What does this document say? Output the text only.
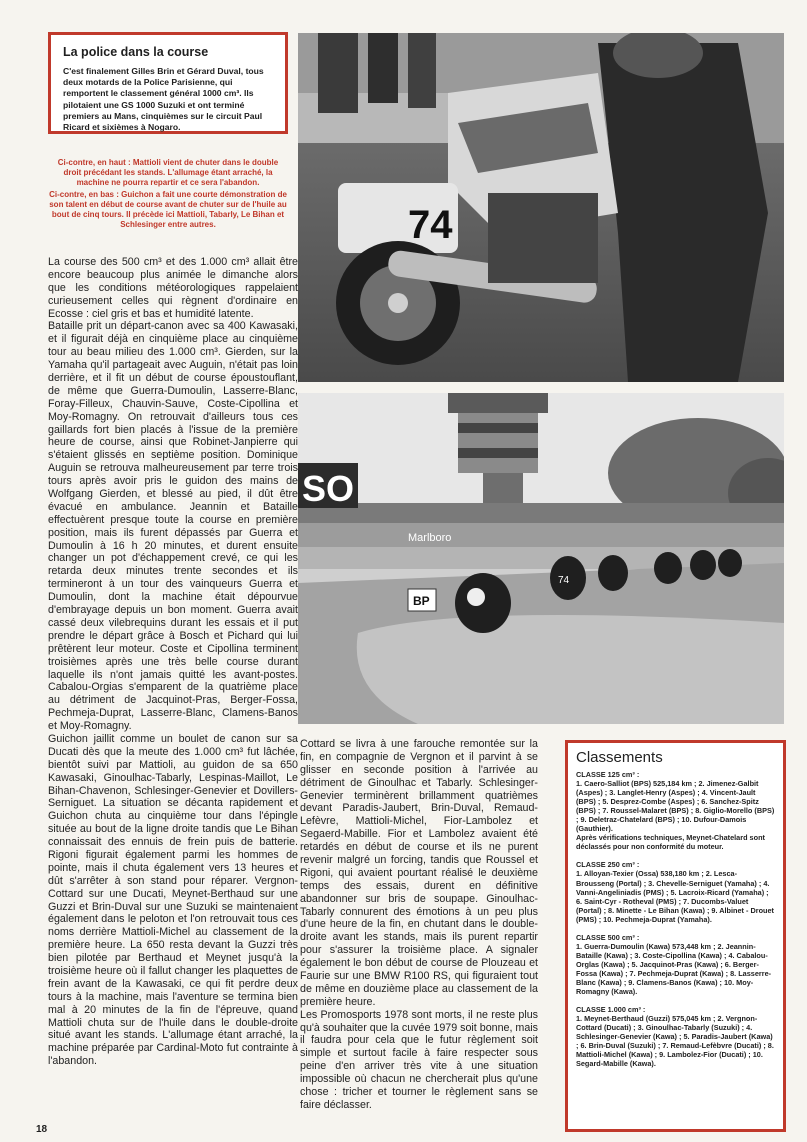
La police dans la course
C'est finalement Gilles Brin et Gérard Duval, tous deux motards de la Police Parisienne, qui remportent le classement général 1000 cm³. Ils pilotaient une GS 1000 Suzuki et ont terminé premiers au Mans, cinquièmes sur le circuit Paul Ricard et sixièmes à Nogaro.

Ci-contre, en haut : Mattioli vient de chuter dans le double droit précédant les stands. L'allumage étant arraché, la machine ne pourra repartir et ce sera l'abandon.

Ci-contre, en bas : Guichon a fait une courte démonstration de son talent en début de course avant de chuter sur de l'huile au bout de cinq tours. Il précède ici Mattioli, Tabarly, Le Bihan et Schlesinger entre autres.

La course des 500 cm³ et des 1.000 cm³ allait être encore beaucoup plus animée le dimanche alors que les conditions météorologiques rappelaient curieusement celles qui règnent d'ordinaire en Ecosse : ciel gris et bas et humidité latente.

Bataille prit un départ-canon avec sa 400 Kawasaki, et il figurait déjà en cinquième place au cinquième tour au beau milieu des 1.000 cm³. Gierden, sur la Yamaha qu'il partageait avec Auguin, n'était pas loin derrière, et il fit un début de course époustouflant, de même que Guerra-Dumoulin, Lasserre-Blanc, Foray-Filleux, Chauvin-Sauve, Coste-Cipollina et Moy-Romagny. On retrouvait d'ailleurs tous ces gaillards fort bien placés à l'issue de la première heure de course, ainsi que Robinet-Janpierre qui s'étaient glissés en septième position. Dominique Auguin se retrouva malheureusement par terre trois tours après avoir pris le guidon des mains de Wolfgang Gierden, et blessé au pied, il dût être évacué en ambulance. Jeannin et Bataille effectuèrent presque toute la course en première position, mais ils furent dépassés par Guerra et Dumoulin à 16 h 20 minutes, et durent ensuite changer un pot d'échappement crevé, ce qui les retarda deux minutes trente secondes et ils termineront à un tour des vainqueurs Guerra et Dumoulin, dont la machine était dépourvue d'embrayage depuis un bon moment. Guerra avait cassé deux vilebrequins durant les essais et il put prendre le départ grâce à Bosch et Pichard qui lui prêtèrent leur moteur. Coste et Cipollina terminent troisièmes après une très belle course durant laquelle ils n'ont jamais quitté les avant-postes. Cabalou-Orgias s'emparent de la quatrième place au détriment de Jacquinot-Pras, Berger-Fossa, Pechmeja-Duprat, Lasserre-Blanc, Clamens-Banos et Moy-Romagny.

Guichon jaillit comme un boulet de canon sur sa Ducati dès que la meute des 1.000 cm³ fut lâchée, bientôt suivi par Mattioli, au guidon de sa 650 Kawasaki, Ginoulhac-Tabarly, Lespinas-Maillot, Le Bihan-Chavenon, Schlesinger-Genevier et Dovillers-Serniguet. La situation se décanta rapidement et Guichon chuta au cinquième tour dans l'épingle située au bout de la ligne droite tandis que Le Bihan connaissait des ennuis de frein puis de batterie. Rigoni figurait également parmi les hommes de pointe, mais il chuta également vers 13 heures et dût s'arrêter à son stand pour réparer. Vergnon-Cottard sur une Ducati, Meynet-Berthaud sur une Guzzi et Brin-Duval sur une Suzuki se maintenaient également dans le peloton et l'on retrouvait tous ces noms derrière Mattioli-Michel au classement de la première heure. La 650 resta devant la Guzzi très bien pilotée par Berthaud et Meynet jusqu'à la troisième heure où il fallut changer les plaquettes de frein avant de la Kawasaki, ce qui fit perdre deux tours à la machine, mais l'aventure se termina bien mal à 20 minutes de la fin de l'épreuve, quand Mattioli chuta sur de l'huile dans le double-droite situé avant les stands. L'allumage étant arraché, la machine préparée par Cardinal-Moto fut contrainte à l'abandon.

Cottard se livra à une farouche remontée sur la fin, en compagnie de Vergnon et il parvint à se glisser en seconde position à l'arrivée au détriment de Ginoulhac et Tabarly. Schlesinger-Genevier terminèrent brillamment quatrièmes devant Paradis-Jaubert, Brin-Duval, Remaud-Lefèvre, Mattioli-Michel, Fior-Lambolez et Segaerd-Mabille. Fior et Lambolez avaient été retardés en début de course et ils ne purent revenir malgré un forcing, tandis que Roussel et Rigoni, qui avaient pourtant réalisé le deuxième temps des essais, durent en définitive abandonner sur bris de soupape. Ginoulhac-Tabarly connurent des émotions à un peu plus d'une heure de la fin, en chutant dans le double-droite avant les stands, mais ils purent repartir pour s'assurer la troisième place. A signaler également le bon début de course de Plouzeau et Faurie sur une BMW R100 RS, qui figuraient tout de même en douzième place au classement de la première heure.

Les Promosports 1978 sont morts, il ne reste plus qu'à souhaiter que la cuvée 1979 soit bonne, mais il faudra pour cela que le futur règlement soit simple et surtout facile à faire respecter sous peine d'en arriver très vite à une situation impossible où chacun ne chercherait plus qu'une chose : tricher et tourner le règlement sans se faire déclasser.

18
74
SO
Marlboro
BP
74
Classements
CLASSE 125 cm³ :
1. Caero-Salliot (BPS) 525,184 km ; 2. Jimenez-Galbit (Aspes) ; 3. Langlet-Henry (Aspes) ; 4. Vincent-Jault (BPS) ; 5. Desprez-Combe (Aspes) ; 6. Sanchez-Spitz (BPS) ; 7. Roussel-Malaret (BPS) ; 8. Giglio-Morello (BPS) ; 9. Deletraz-Chatelard (BPS) ; 10. Dufour-Damois (Gauthier).
Après vérifications techniques, Meynet-Chatelard sont déclassés pour non conformité du moteur.
CLASSE 250 cm³ :
1. Alloyan-Texier (Ossa) 538,180 km ; 2. Lesca-Brousseng (Portal) ; 3. Chevelle-Serniguet (Yamaha) ; 4. Vanni-Angeliniadis (PMS) ; 5. Lacroix-Ricard (Yamaha) ; 6. Saint-Cyr - Rotheval (PMS) ; 7. Ducombs-Valuet (Portal) ; 8. Minette - Le Bihan (Kawa) ; 9. Albinet - Drouet (PMS) ; 10. Pechmeja-Duprat (Yamaha).
CLASSE 500 cm³ :
1. Guerra-Dumoulin (Kawa) 573,448 km ; 2. Jeannin-Bataille (Kawa) ; 3. Coste-Cipollina (Kawa) ; 4. Cabalou-Orglas (Kawa) ; 5. Jacquinot-Pras (Kawa) ; 6. Berger-Fossa (Kawa) ; 7. Pechmeja-Duprat (Kawa) ; 8. Lasserre-Blanc (Kawa) ; 9. Clamens-Banos (Kawa) ; 10. Moy-Romagny (Kawa).
CLASSE 1.000 cm³ :
1. Meynet-Berthaud (Guzzi) 575,045 km ; 2. Vergnon-Cottard (Ducati) ; 3. Ginoulhac-Tabarly (Suzuki) ; 4. Schlesinger-Genevier (Kawa) ; 5. Paradis-Jaubert (Kawa) ; 6. Brin-Duval (Suzuki) ; 7. Remaud-Lefèbvre (Ducati) ; 8. Mattioli-Michel (Kawa) ; 9. Lambolez-Fior (Ducati) ; 10. Segard-Mabille (Kawa).
